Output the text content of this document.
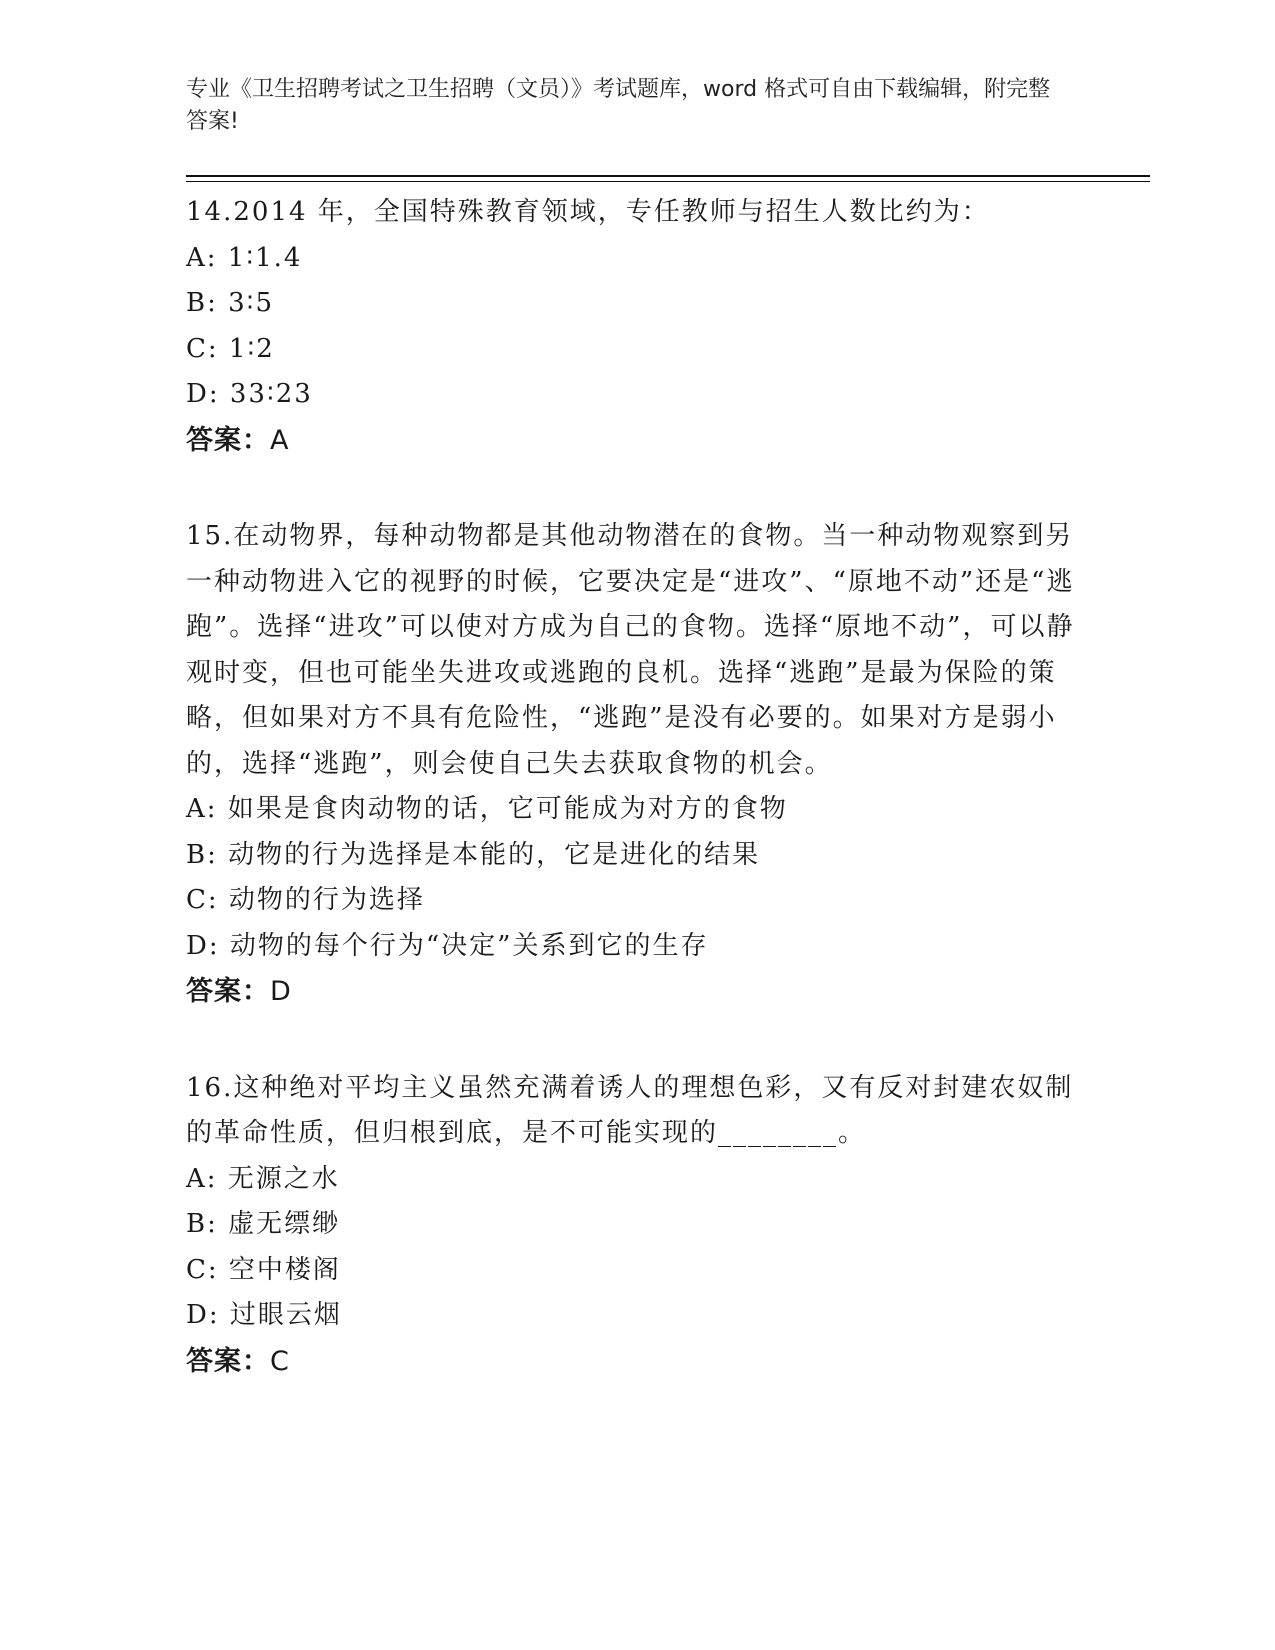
专业《卫生招聘考试之卫生招聘（文员）》考试题库，word 格式可自由下载编辑，附完整答案!
14.2014 年，全国特殊教育领域，专任教师与招生人数比约为：
A: 1∶1.4
B: 3∶5
C: 1∶2
D: 33∶23
答案：A
15.在动物界，每种动物都是其他动物潜在的食物。当一种动物观察到另一种动物进入它的视野的时候，它要决定是“进攻”、“原地不动”还是“逃跑”。选择“进攻”可以使对方成为自己的食物。选择“原地不动”，可以静观时变，但也可能坐失进攻或逃跑的良机。选择“逃跑”是最为保险的策略，但如果对方不具有危险性，“逃跑”是没有必要的。如果对方是弱小的，选择“逃跑”，则会使自己失去获取食物的机会。
A: 如果是食肉动物的话，它可能成为对方的食物
B: 动物的行为选择是本能的，它是进化的结果
C: 动物的行为选择
D: 动物的每个行为“决定”关系到它的生存
答案：D
16.这种绝对平均主义虽然充满着诱人的理想色彩，又有反对封建农奴制的革命性质，但归根到底，是不可能实现的________。
A: 无源之水
B: 虚无缥缈
C: 空中楼阁
D: 过眼云烟
答案：C
